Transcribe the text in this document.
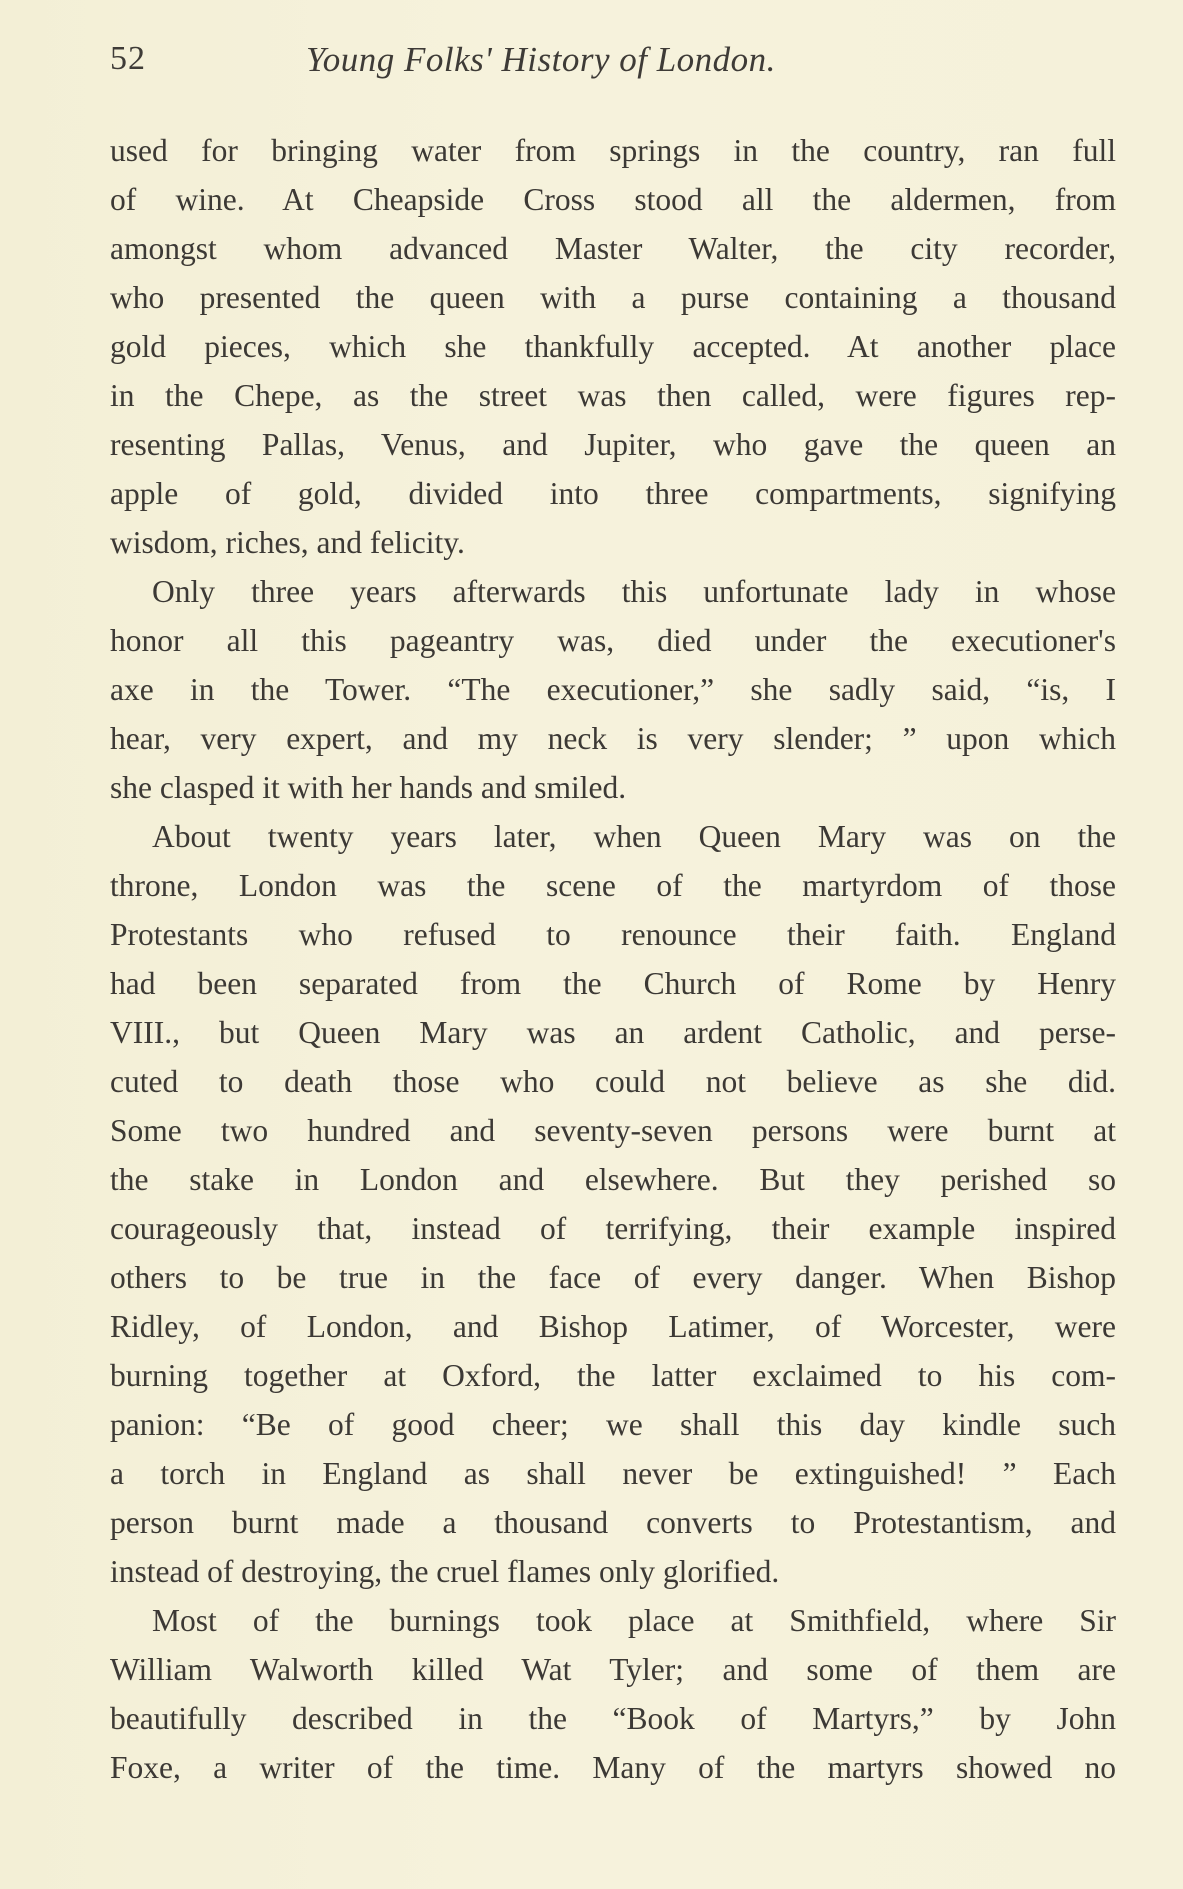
52	Young Folks' History of London.
used for bringing water from springs in the country, ran full
of wine. At Cheapside Cross stood all the aldermen, from
amongst whom advanced Master Walter, the city recorder,
who presented the queen with a purse containing a thousand
gold pieces, which she thankfully accepted. At another place
in the Chepe, as the street was then called, were figures rep-
resenting Pallas, Venus, and Jupiter, who gave the queen an
apple of gold, divided into three compartments, signifying
wisdom, riches, and felicity.
Only three years afterwards this unfortunate lady in whose
honor all this pageantry was, died under the executioner's
axe in the Tower. “The executioner,” she sadly said, “is, I
hear, very expert, and my neck is very slender; ” upon which
she clasped it with her hands and smiled.
About twenty years later, when Queen Mary was on the
throne, London was the scene of the martyrdom of those
Protestants who refused to renounce their faith. England
had been separated from the Church of Rome by Henry
VIII., but Queen Mary was an ardent Catholic, and perse-
cuted to death those who could not believe as she did.
Some two hundred and seventy-seven persons were burnt at
the stake in London and elsewhere. But they perished so
courageously that, instead of terrifying, their example inspired
others to be true in the face of every danger. When Bishop
Ridley, of London, and Bishop Latimer, of Worcester, were
burning together at Oxford, the latter exclaimed to his com-
panion: “Be of good cheer; we shall this day kindle such
a torch in England as shall never be extinguished! ” Each
person burnt made a thousand converts to Protestantism, and
instead of destroying, the cruel flames only glorified.
Most of the burnings took place at Smithfield, where Sir
William Walworth killed Wat Tyler; and some of them are
beautifully described in the “Book of Martyrs,” by John
Foxe, a writer of the time. Many of the martyrs showed no
